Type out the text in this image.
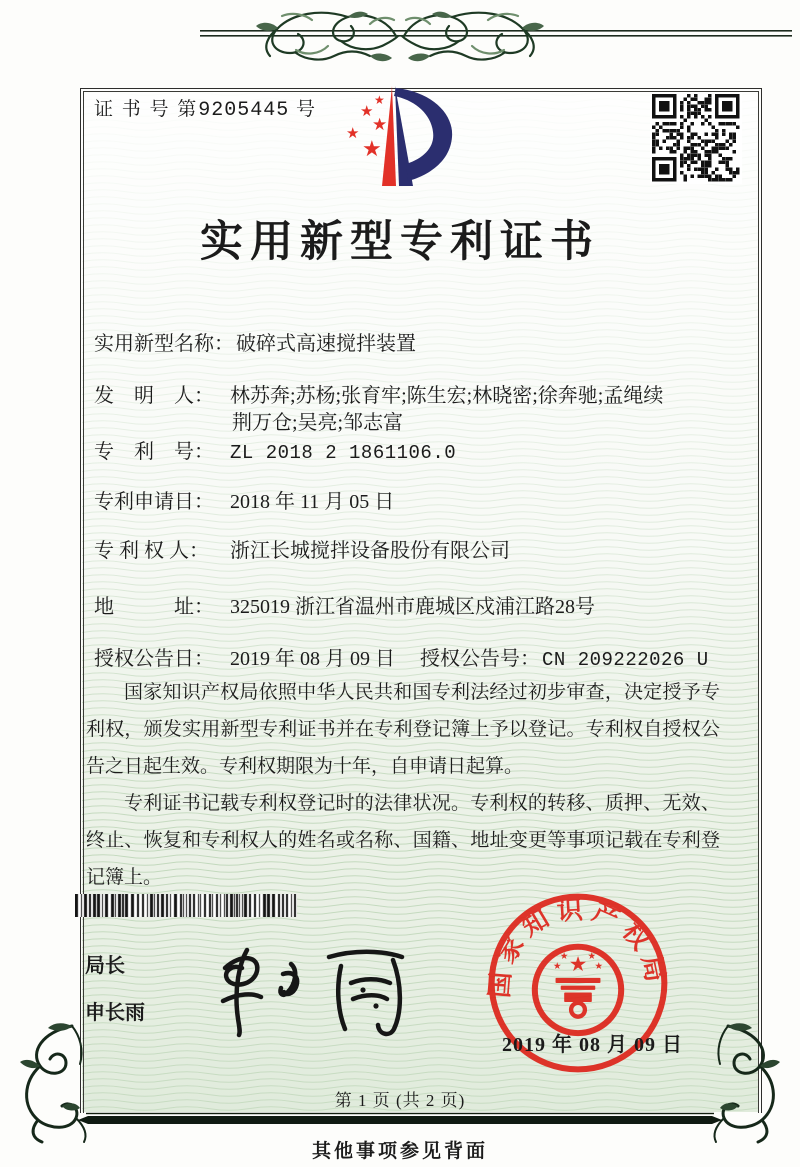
证 书 号 第9205445 号	★
★
★
★
★
实用新型专利证书
实用新型名称： 破碎式高速搅拌装置
发　明　人： 林苏奔;苏杨;张育牢;陈生宏;林晓密;徐奔驰;孟绳续
荆万仓;吴亮;邹志富
专　利　号： ZL 2018 2 1861106.0
专利申请日： 2018 年 11 月 05 日
专 利 权 人： 浙江长城搅拌设备股份有限公司
地　　　址： 325019 浙江省温州市鹿城区戍浦江路28号
授权公告日： 2019 年 08 月 09 日 授权公告号： CN 209222026 U

国家知识产权局依照中华人民共和国专利法经过初步审查，决定授予专利权，颁发实用新型专利证书并在专利登记簿上予以登记。专利权自授权公告之日起生效。专利权期限为十年，自申请日起算。

专利证书记载专利权登记时的法律状况。专利权的转移、质押、无效、终止、恢复和专利权人的姓名或名称、国籍、地址变更等事项记载在专利登记簿上。

局长
申长雨
国家知识产权局
★
★	★
★ ★
2019 年 08 月 09 日
第 1 页 (共 2 页)
其他事项参见背面
